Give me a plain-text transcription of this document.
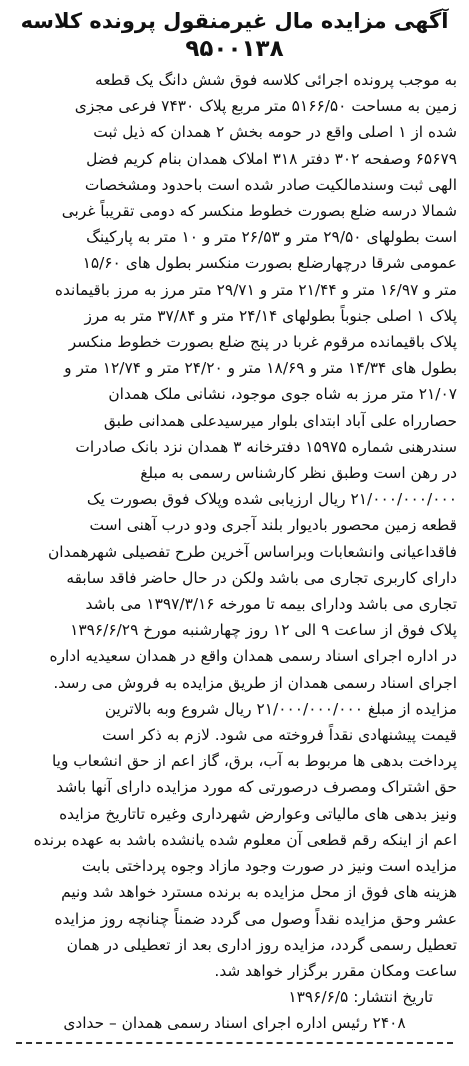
آگهی مزایده مال غیرمنقول پرونده کلاسه
۹۵۰۰۱۳۸
به موجب پرونده اجرائی کلاسه فوق شش دانگ یک قطعه
زمین به مساحت ۵۱۶۶/۵۰ متر مربع پلاک ۷۴۳۰ فرعی مجزی
شده از ۱ اصلی واقع در حومه بخش ۲ همدان که ذیل ثبت
۶۵۶۷۹ وصفحه ۳۰۲ دفتر ۳۱۸ املاک همدان بنام کریم فضل
الهی ثبت وسندمالکیت صادر شده است باحدود ومشخصات
شمالا درسه ضلع بصورت خطوط منکسر که دومی تقریباً غربی
است بطولهای ۲۹/۵۰ متر و ۲۶/۵۳ متر و ۱۰ متر به پارکینگ
عمومی شرقا درچهارضلع بصورت منکسر بطول های ۱۵/۶۰
متر و ۱۶/۹۷ متر و ۲۱/۴۴ متر و ۲۹/۷۱ متر مرز به مرز باقیمانده
پلاک ۱ اصلی جنوباً بطولهای ۲۴/۱۴ متر و ۳۷/۸۴ متر به مرز
پلاک باقیمانده مرقوم غربا در پنج ضلع بصورت خطوط منکسر
بطول های ۱۴/۳۴ متر و ۱۸/۶۹ متر و ۲۴/۲۰ متر و ۱۲/۷۴ متر و
۲۱/۰۷ متر مرز به شاه جوی موجود، نشانی ملک همدان
حصارراه علی آباد ابتدای بلوار میرسیدعلی همدانی طبق
سندرهنی شماره ۱۵۹۷۵ دفترخانه ۳ همدان نزد بانک صادرات
در رهن است وطبق نظر کارشناس رسمی به مبلغ
۲۱/۰۰۰/۰۰۰/۰۰۰ ریال ارزیابی شده وپلاک فوق بصورت یک
قطعه زمین محصور بادیوار بلند آجری ودو درب آهنی است
فاقداعیانی وانشعابات وبراساس آخرین طرح تفصیلی شهرهمدان
دارای کاربری تجاری می باشد ولکن در حال حاضر فاقد سابقه
تجاری می باشد ودارای بیمه تا مورخه ۱۳۹۷/۳/۱۶ می باشد
پلاک فوق از ساعت ۹ الی ۱۲ روز چهارشنبه مورخ ۱۳۹۶/۶/۲۹
در اداره اجرای اسناد رسمی همدان واقع در همدان سعیدیه اداره
اجرای اسناد رسمی همدان از طریق مزایده به فروش می رسد.
مزایده از مبلغ ۲۱/۰۰۰/۰۰۰/۰۰۰ ریال شروع وبه بالاترین
قیمت پیشنهادی نقداً فروخته می شود. لازم به ذکر است
پرداخت بدهی ها مربوط به آب، برق، گاز اعم از حق انشعاب ویا
حق اشتراک ومصرف درصورتی که مورد مزایده دارای آنها باشد
ونیز بدهی های مالیاتی وعوارض شهرداری وغیره تاتاریخ مزایده
اعم از اینکه رقم قطعی آن معلوم شده یانشده باشد به عهده برنده
مزایده است ونیز در صورت وجود مازاد وجوه پرداختی بابت
هزینه های فوق از محل مزایده به برنده مسترد خواهد شد ونیم
عشر وحق مزایده نقداً وصول می گردد ضمناً چنانچه روز مزایده
تعطیل رسمی گردد، مزایده روز اداری بعد از تعطیلی در همان
ساعت ومکان مقرر برگزار خواهد شد.
تاریخ انتشار: ۱۳۹۶/۶/۵
۲۴۰۸ رئیس اداره اجرای اسناد رسمی همدان – حدادی
